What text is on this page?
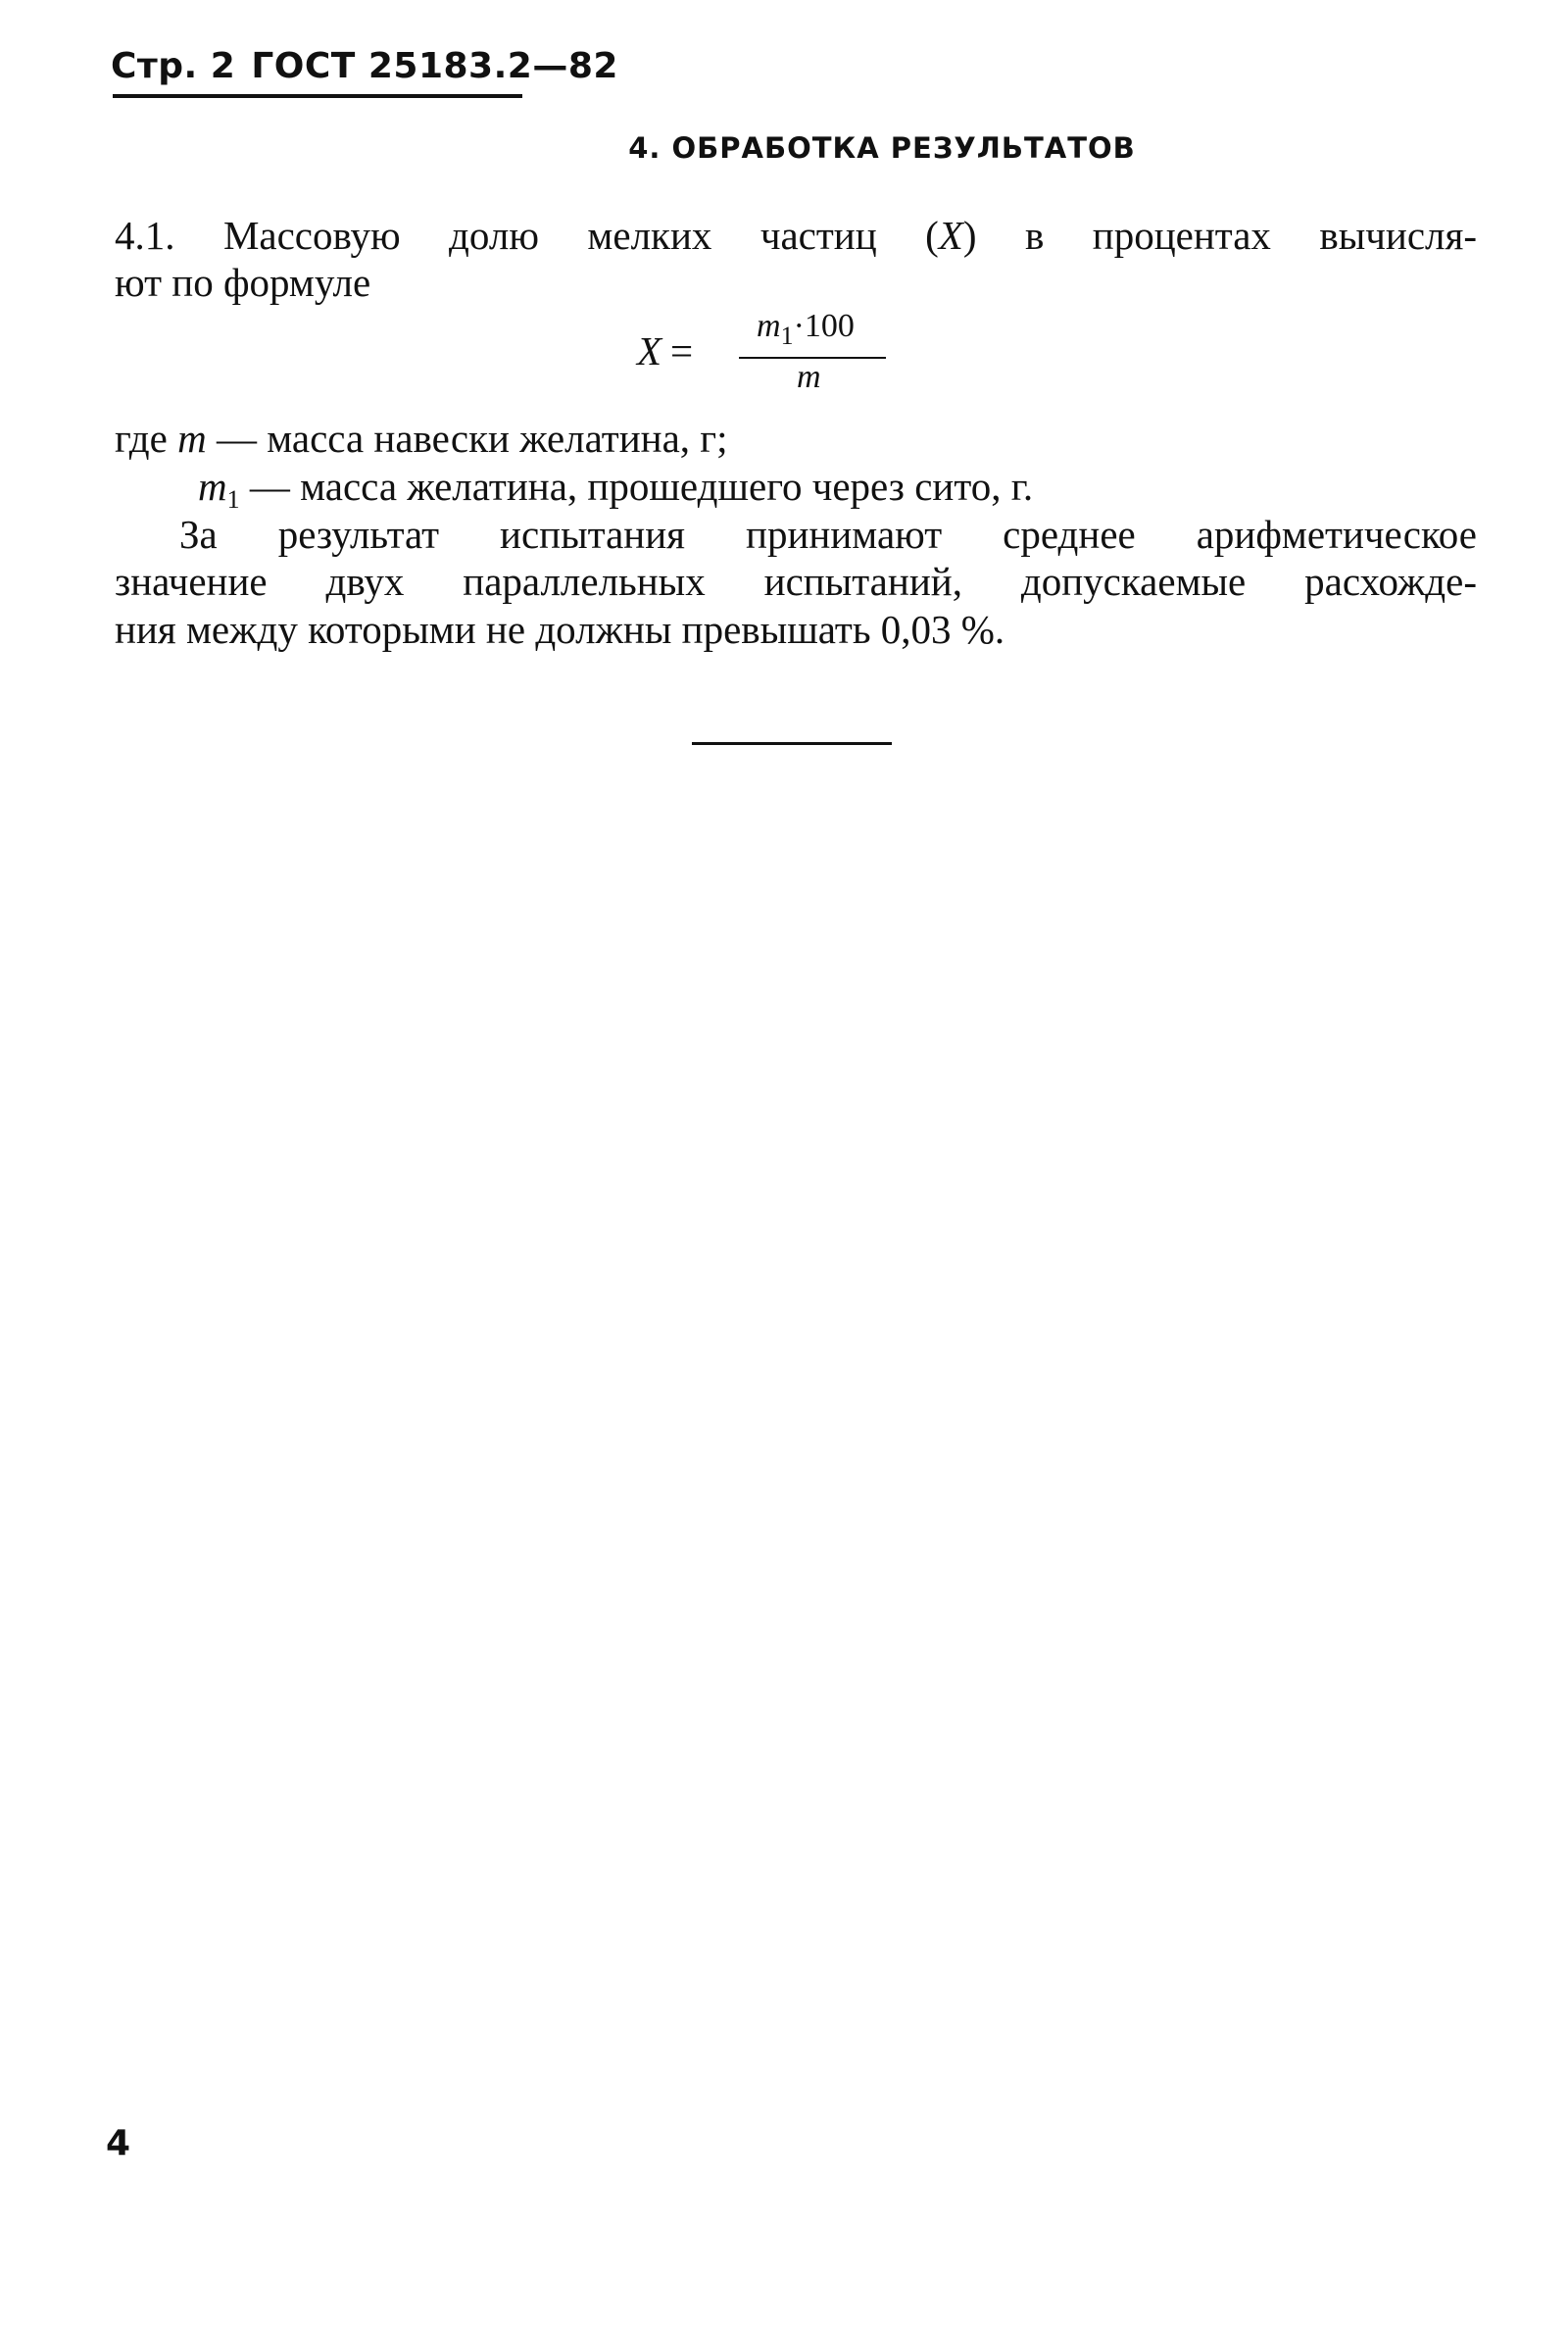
Стр. 2 ГОСТ 25183.2—82
4. ОБРАБОТКА РЕЗУЛЬТАТОВ
4.1. Массовую долю мелких частиц (X) в процентах вычисля-
ют по формуле
X =
$m_1\cdot 100$
m
где m — масса навески желатина, г;
$m_1$ — масса желатина, прошедшего через сито, г.
За результат испытания принимают среднее арифметическое
значение двух параллельных испытаний, допускаемые расхожде-
ния между которыми не должны превышать 0,03 %.
4
